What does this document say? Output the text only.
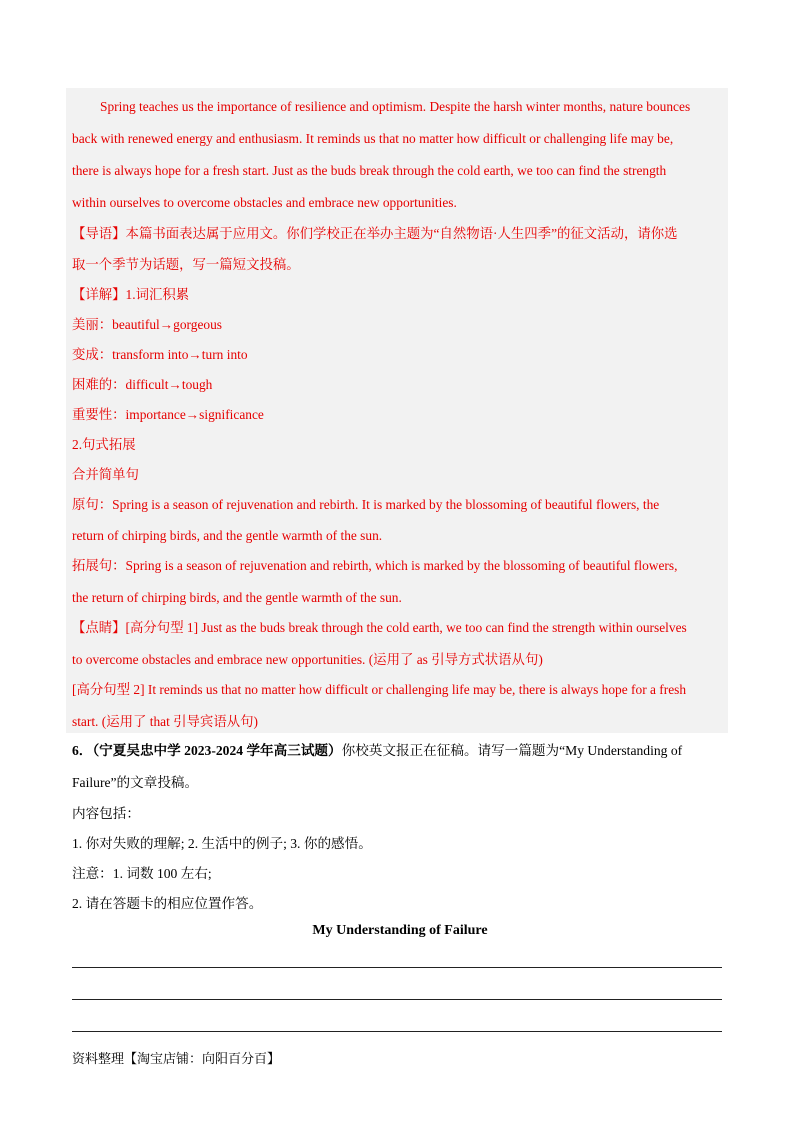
Spring teaches us the importance of resilience and optimism. Despite the harsh winter months, nature bounces
back with renewed energy and enthusiasm. It reminds us that no matter how difficult or challenging life may be,
there is always hope for a fresh start. Just as the buds break through the cold earth, we too can find the strength
within ourselves to overcome obstacles and embrace new opportunities.
【导语】本篇书面表达属于应用文。你们学校正在举办主题为“自然物语·人生四季”的征文活动，请你选
取一个季节为话题，写一篇短文投稿。
【详解】1.词汇积累
美丽：beautiful→gorgeous
变成：transform into→turn into
困难的：difficult→tough
重要性：importance→significance
2.句式拓展
合并简单句
原句：Spring is a season of rejuvenation and rebirth. It is marked by the blossoming of beautiful flowers, the
return of chirping birds, and the gentle warmth of the sun.
拓展句：Spring is a season of rejuvenation and rebirth, which is marked by the blossoming of beautiful flowers,
the return of chirping birds, and the gentle warmth of the sun.
【点睛】[高分句型 1] Just as the buds break through the cold earth, we too can find the strength within ourselves
to overcome obstacles and embrace new opportunities. (运用了 as 引导方式状语从句)
[高分句型 2] It reminds us that no matter how difficult or challenging life may be, there is always hope for a fresh
start. (运用了 that 引导宾语从句)
6．（宁夏吴忠中学 2023-2024 学年高三试题）你校英文报正在征稿。请写一篇题为“My Understanding of
Failure”的文章投稿。
内容包括：
1. 你对失败的理解; 2. 生活中的例子; 3. 你的感悟。
注意：1. 词数 100 左右;
2. 请在答题卡的相应位置作答。
My Understanding of Failure
资料整理【淘宝店铺：向阳百分百】
